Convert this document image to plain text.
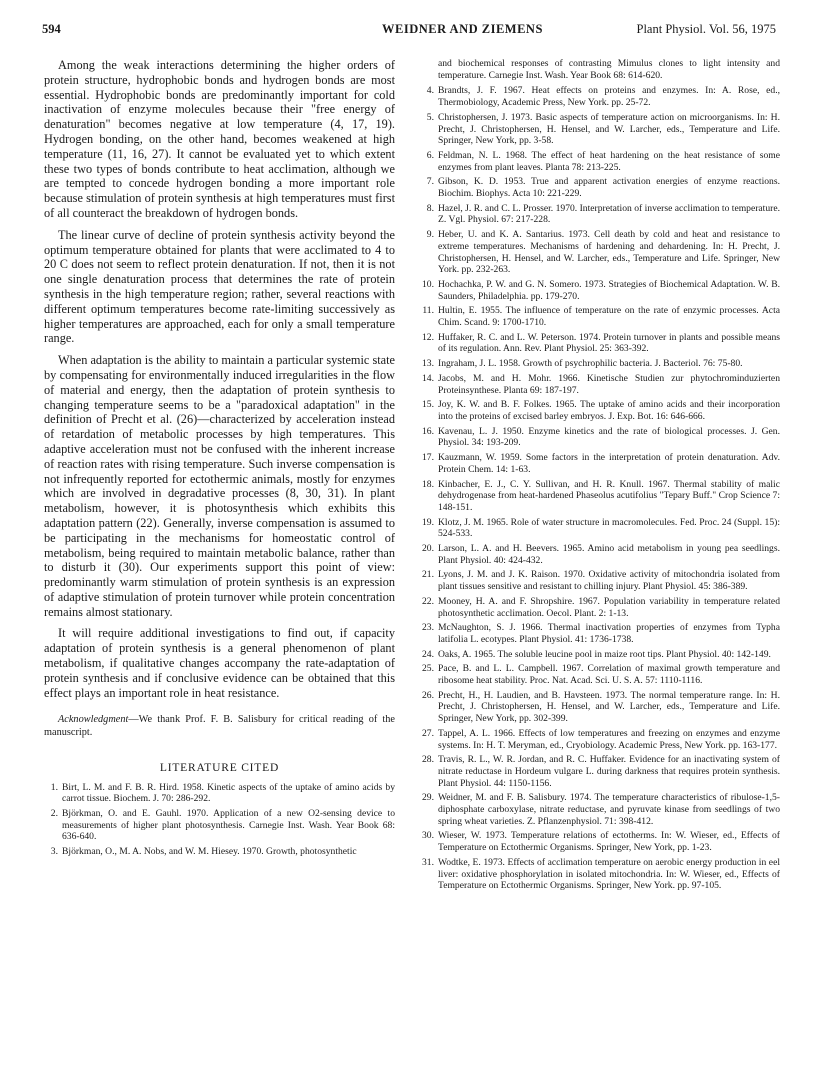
594	WEIDNER AND ZIEMENS	Plant Physiol. Vol. 56, 1975

Among the weak interactions determining the higher orders of protein structure, hydrophobic bonds and hydrogen bonds are most essential. Hydrophobic bonds are predominantly important for cold inactivation of enzyme molecules because their "free energy of denaturation" becomes negative at low temperature (4, 17, 19). Hydrogen bonding, on the other hand, becomes weakened at high temperature (11, 16, 27). It cannot be evaluated yet to which extent these two types of bonds contribute to heat acclimation, although we are tempted to concede hydrogen bonding a more important role because stimulation of protein synthesis at high temperatures must first of all counteract the breakdown of hydrogen bonds.

The linear curve of decline of protein synthesis activity beyond the optimum temperature obtained for plants that were acclimated to 4 to 20 C does not seem to reflect protein denaturation. If not, then it is not one single denaturation process that determines the rate of protein synthesis in the high temperature region; rather, several reactions with different optimum temperatures become rate-limiting successively as higher temperatures are approached, each for only a small temperature range.

When adaptation is the ability to maintain a particular systemic state by compensating for environmentally induced irregularities in the flow of material and energy, then the adaptation of protein synthesis to changing temperature seems to be a "paradoxical adaptation" in the definition of Precht et al. (26)—characterized by acceleration instead of retardation of metabolic processes by high temperatures. This adaptive acceleration must not be confused with the inherent increase of reaction rates with rising temperature. Such inverse compensation is not infrequently reported for ectothermic animals, mostly for enzymes which are involved in degradative processes (8, 30, 31). In plant metabolism, however, it is photosynthesis which exhibits this adaptation pattern (22). Generally, inverse compensation is assumed to be participating in the mechanisms for homeostatic control of metabolism, being required to maintain metabolic balance, rather than to disturb it (30). Our experiments support this point of view: predominantly warm stimulation of protein synthesis is an expression of adaptive stimulation of protein turnover while protein concentration remains almost stationary.

It will require additional investigations to find out, if capacity adaptation of protein synthesis is a general phenomenon of plant metabolism, if qualitative changes accompany the rate-adaptation of protein synthesis and if conclusive evidence can be obtained that this effect plays an important role in heat resistance.

Acknowledgment—We thank Prof. F. B. Salisbury for critical reading of the manuscript.

LITERATURE CITED
1. Birt, L. M. and F. B. R. Hird. 1958. Kinetic aspects of the uptake of amino acids by carrot tissue. Biochem. J. 70: 286-292.
2. Björkman, O. and E. Gauhl. 1970. Application of a new O2-sensing device to measurements of higher plant photosynthesis. Carnegie Inst. Wash. Year Book 68: 636-640.
3. Björkman, O., M. A. Nobs, and W. M. Hiesey. 1970. Growth, photosynthetic
and biochemical responses of contrasting Mimulus clones to light intensity and temperature. Carnegie Inst. Wash. Year Book 68: 614-620.
4. Brandts, J. F. 1967. Heat effects on proteins and enzymes. In: A. Rose, ed., Thermobiology, Academic Press, New York. pp. 25-72.
5. Christophersen, J. 1973. Basic aspects of temperature action on microorganisms. In: H. Precht, J. Christophersen, H. Hensel, and W. Larcher, eds., Temperature and Life. Springer, New York, pp. 3-58.
6. Feldman, N. L. 1968. The effect of heat hardening on the heat resistance of some enzymes from plant leaves. Planta 78: 213-225.
7. Gibson, K. D. 1953. True and apparent activation energies of enzyme reactions. Biochim. Biophys. Acta 10: 221-229.
8. Hazel, J. R. and C. L. Prosser. 1970. Interpretation of inverse acclimation to temperature. Z. Vgl. Physiol. 67: 217-228.
9. Heber, U. and K. A. Santarius. 1973. Cell death by cold and heat and resistance to extreme temperatures. Mechanisms of hardening and dehardening. In: H. Precht, J. Christophersen, H. Hensel, and W. Larcher, eds., Temperature and Life. Springer, New York. pp. 232-263.
10. Hochachka, P. W. and G. N. Somero. 1973. Strategies of Biochemical Adaptation. W. B. Saunders, Philadelphia. pp. 179-270.
11. Hultin, E. 1955. The influence of temperature on the rate of enzymic processes. Acta Chim. Scand. 9: 1700-1710.
12. Huffaker, R. C. and L. W. Peterson. 1974. Protein turnover in plants and possible means of its regulation. Ann. Rev. Plant Physiol. 25: 363-392.
13. Ingraham, J. L. 1958. Growth of psychrophilic bacteria. J. Bacteriol. 76: 75-80.
14. Jacobs, M. and H. Mohr. 1966. Kinetische Studien zur phytochrominduzierten Proteinsynthese. Planta 69: 187-197.
15. Joy, K. W. and B. F. Folkes. 1965. The uptake of amino acids and their incorporation into the proteins of excised barley embryos. J. Exp. Bot. 16: 646-666.
16. Kavenau, L. J. 1950. Enzyme kinetics and the rate of biological processes. J. Gen. Physiol. 34: 193-209.
17. Kauzmann, W. 1959. Some factors in the interpretation of protein denaturation. Adv. Protein Chem. 14: 1-63.
18. Kinbacher, E. J., C. Y. Sullivan, and H. R. Knull. 1967. Thermal stability of malic dehydrogenase from heat-hardened Phaseolus acutifolius "Tepary Buff." Crop Science 7: 148-151.
19. Klotz, J. M. 1965. Role of water structure in macromolecules. Fed. Proc. 24 (Suppl. 15): 524-533.
20. Larson, L. A. and H. Beevers. 1965. Amino acid metabolism in young pea seedlings. Plant Physiol. 40: 424-432.
21. Lyons, J. M. and J. K. Raison. 1970. Oxidative activity of mitochondria isolated from plant tissues sensitive and resistant to chilling injury. Plant Physiol. 45: 386-389.
22. Mooney, H. A. and F. Shropshire. 1967. Population variability in temperature related photosynthetic acclimation. Oecol. Plant. 2: 1-13.
23. McNaughton, S. J. 1966. Thermal inactivation properties of enzymes from Typha latifolia L. ecotypes. Plant Physiol. 41: 1736-1738.
24. Oaks, A. 1965. The soluble leucine pool in maize root tips. Plant Physiol. 40: 142-149.
25. Pace, B. and L. L. Campbell. 1967. Correlation of maximal growth temperature and ribosome heat stability. Proc. Nat. Acad. Sci. U. S. A. 57: 1110-1116.
26. Precht, H., H. Laudien, and B. Havsteen. 1973. The normal temperature range. In: H. Precht, J. Christophersen, H. Hensel, and W. Larcher, eds., Temperature and Life. Springer, New York, pp. 302-399.
27. Tappel, A. L. 1966. Effects of low temperatures and freezing on enzymes and enzyme systems. In: H. T. Meryman, ed., Cryobiology. Academic Press, New York. pp. 163-177.
28. Travis, R. L., W. R. Jordan, and R. C. Huffaker. Evidence for an inactivating system of nitrate reductase in Hordeum vulgare L. during darkness that requires protein synthesis. Plant Physiol. 44: 1150-1156.
29. Weidner, M. and F. B. Salisbury. 1974. The temperature characteristics of ribulose-1,5-diphosphate carboxylase, nitrate reductase, and pyruvate kinase from seedlings of two spring wheat varieties. Z. Pflanzenphysiol. 71: 398-412.
30. Wieser, W. 1973. Temperature relations of ectotherms. In: W. Wieser, ed., Effects of Temperature on Ectothermic Organisms. Springer, New York, pp. 1-23.
31. Wodtke, E. 1973. Effects of acclimation temperature on aerobic energy production in eel liver: oxidative phosphorylation in isolated mitochondria. In: W. Wieser, ed., Effects of Temperature on Ectothermic Organisms. Springer, New York. pp. 97-105.
